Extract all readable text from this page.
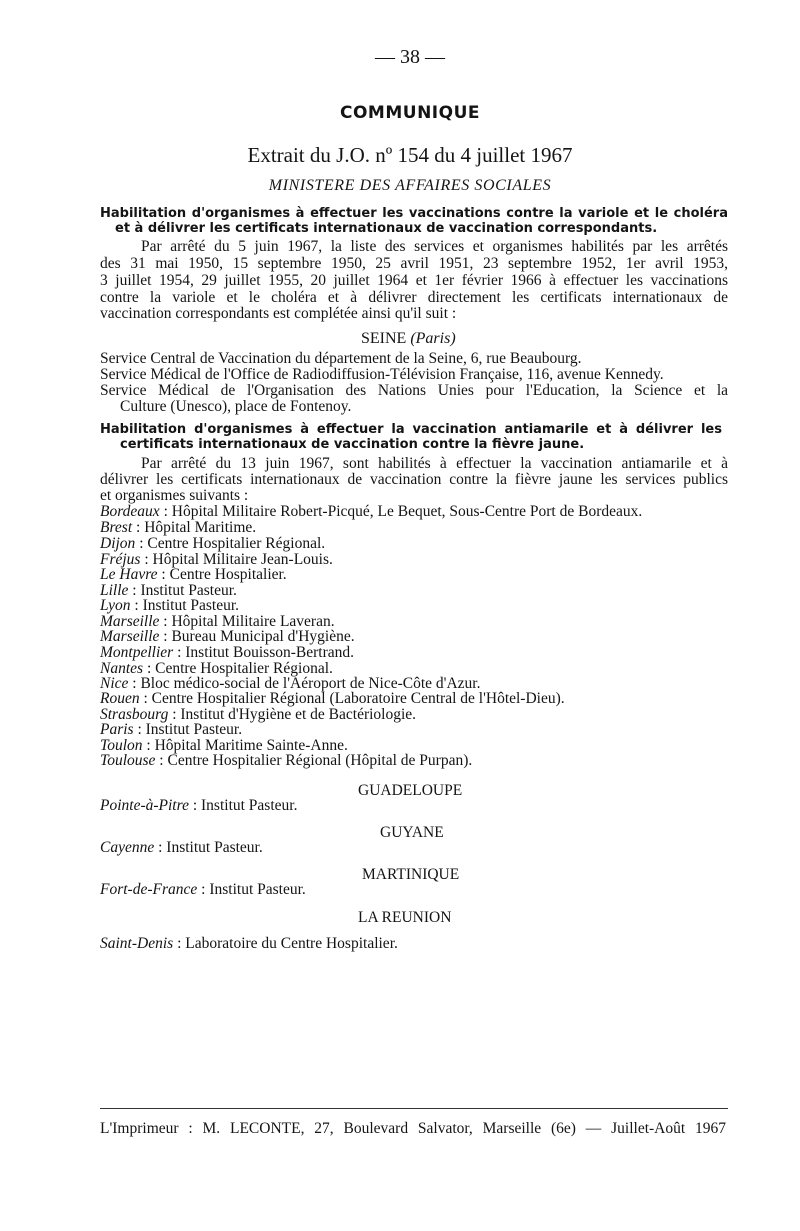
— 38 —
COMMUNIQUE
Extrait du J.O. nº 154 du 4 juillet 1967
MINISTERE DES AFFAIRES SOCIALES
Habilitation d'organismes à effectuer les vaccinations contre la variole et le choléra
et à délivrer les certificats internationaux de vaccination correspondants.
Par arrêté du 5 juin 1967, la liste des services et organismes habilités par les arrêtés
des 31 mai 1950, 15 septembre 1950, 25 avril 1951, 23 septembre 1952, 1er avril 1953,
3 juillet 1954, 29 juillet 1955, 20 juillet 1964 et 1er février 1966 à effectuer les vaccinations
contre la variole et le choléra et à délivrer directement les certificats internationaux de
vaccination correspondants est complétée ainsi qu'il suit :
SEINE (Paris)
Service Central de Vaccination du département de la Seine, 6, rue Beaubourg.
Service Médical de l'Office de Radiodiffusion-Télévision Française, 116, avenue Kennedy.
Service Médical de l'Organisation des Nations Unies pour l'Education, la Science et la
Culture (Unesco), place de Fontenoy.
Habilitation d'organismes à effectuer la vaccination antiamarile et à délivrer les
certificats internationaux de vaccination contre la fièvre jaune.
Par arrêté du 13 juin 1967, sont habilités à effectuer la vaccination antiamarile et à
délivrer les certificats internationaux de vaccination contre la fièvre jaune les services publics
et organismes suivants :
Bordeaux : Hôpital Militaire Robert-Picqué, Le Bequet, Sous-Centre Port de Bordeaux.
Brest : Hôpital Maritime.
Dijon : Centre Hospitalier Régional.
Fréjus : Hôpital Militaire Jean-Louis.
Le Havre : Centre Hospitalier.
Lille : Institut Pasteur.
Lyon : Institut Pasteur.
Marseille : Hôpital Militaire Laveran.
Marseille : Bureau Municipal d'Hygiène.
Montpellier : Institut Bouisson-Bertrand.
Nantes : Centre Hospitalier Régional.
Nice : Bloc médico-social de l'Aéroport de Nice-Côte d'Azur.
Rouen : Centre Hospitalier Régional (Laboratoire Central de l'Hôtel-Dieu).
Strasbourg : Institut d'Hygiène et de Bactériologie.
Paris : Institut Pasteur.
Toulon : Hôpital Maritime Sainte-Anne.
Toulouse : Centre Hospitalier Régional (Hôpital de Purpan).
GUADELOUPE
Pointe-à-Pitre : Institut Pasteur.
GUYANE
Cayenne : Institut Pasteur.
MARTINIQUE
Fort-de-France : Institut Pasteur.
LA REUNION
Saint-Denis : Laboratoire du Centre Hospitalier.
L'Imprimeur : M. LECONTE, 27, Boulevard Salvator, Marseille (6e) — Juillet-Août 1967
